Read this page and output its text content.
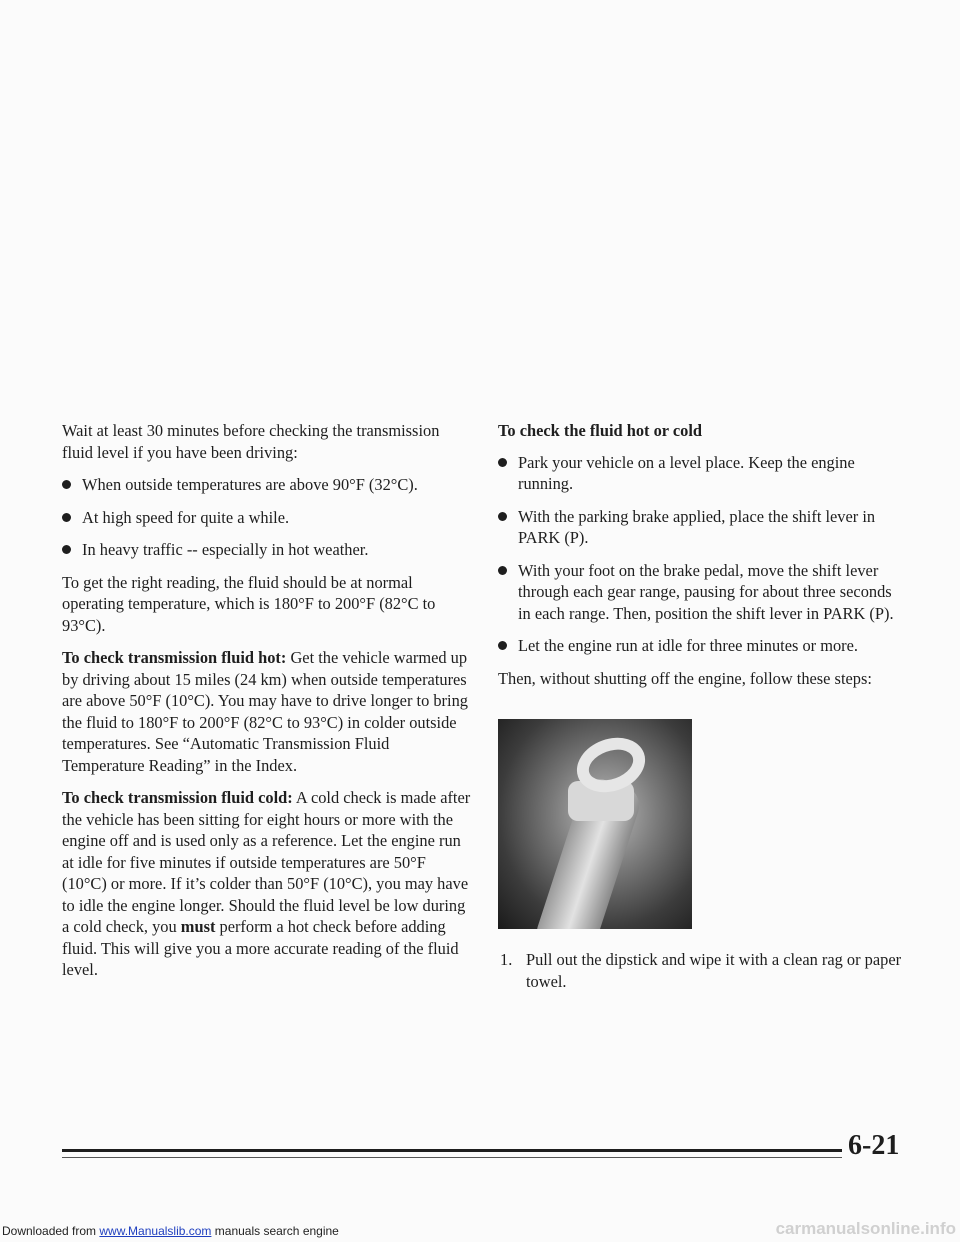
Wait at least 30 minutes before checking the transmission fluid level if you have been driving:

When outside temperatures are above 90°F (32°C).
At high speed for quite a while.
In heavy traffic -- especially in hot weather.

To get the right reading, the fluid should be at normal operating temperature, which is 180°F to 200°F (82°C to 93°C).

To check transmission fluid hot: Get the vehicle warmed up by driving about 15 miles (24 km) when outside temperatures are above 50°F (10°C). You may have to drive longer to bring the fluid to 180°F to 200°F (82°C to 93°C) in colder outside temperatures. See “Automatic Transmission Fluid Temperature Reading” in the Index.

To check transmission fluid cold: A cold check is made after the vehicle has been sitting for eight hours or more with the engine off and is used only as a reference. Let the engine run at idle for five minutes if outside temperatures are 50°F (10°C) or more. If it’s colder than 50°F (10°C), you may have to idle the engine longer. Should the fluid level be low during a cold check, you must perform a hot check before adding fluid. This will give you a more accurate reading of the fluid level.

To check the fluid hot or cold
Park your vehicle on a level place. Keep the engine running.
With the parking brake applied, place the shift lever in PARK (P).
With your foot on the brake pedal, move the shift lever through each gear range, pausing for about three seconds in each range. Then, position the shift lever in PARK (P).
Let the engine run at idle for three minutes or more.

Then, without shutting off the engine, follow these steps:

1. Pull out the dipstick and wipe it with a clean rag or paper towel.

6-21
Downloaded from www.Manualslib.com manuals search engine	carmanualsonline.info
